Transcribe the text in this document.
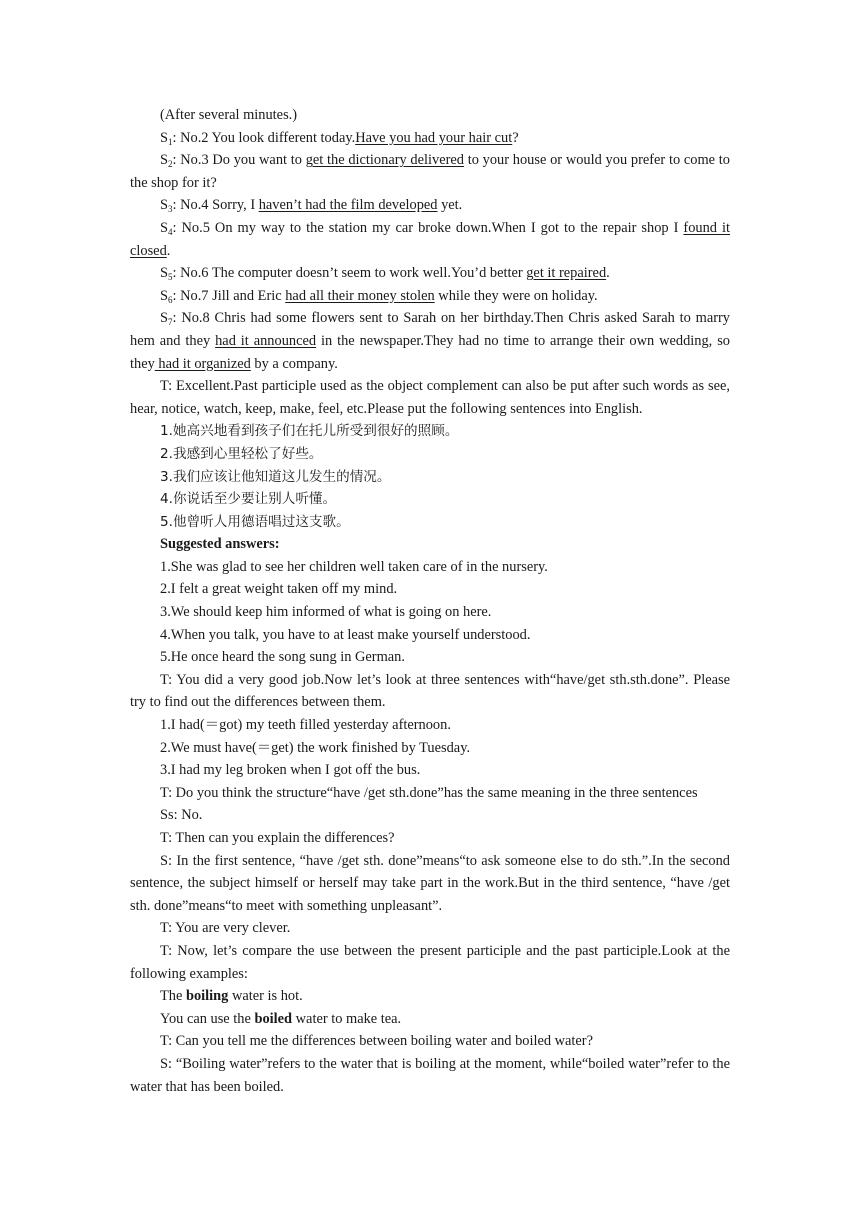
(After several minutes.)

$S_1$: No.2 You look different today.Have you had your hair cut?

$S_2$: No.3 Do you want to get the dictionary delivered to your house or would you prefer to come to the shop for it?

$S_3$: No.4 Sorry, I haven’t had the film developed yet.

$S_4$: No.5 On my way to the station my car broke down.When I got to the repair shop I found it closed.

$S_5$: No.6 The computer doesn’t seem to work well.You’d better get it repaired.

$S_6$: No.7 Jill and Eric had all their money stolen while they were on holiday.

$S_7$: No.8 Chris had some flowers sent to Sarah on her birthday.Then Chris asked Sarah to marry hem and they had it announced in the newspaper.They had no time to arrange their own wedding, so they had it organized by a company.

T: Excellent.Past participle used as the object complement can also be put after such words as see, hear, notice, watch, keep, make, feel, etc.Please put the following sentences into English.

1.她高兴地看到孩子们在托儿所受到很好的照顾。

2.我感到心里轻松了好些。

3.我们应该让他知道这儿发生的情况。

4.你说话至少要让别人听懂。

5.他曾听人用德语唱过这支歌。

Suggested answers:

1.She was glad to see her children well taken care of in the nursery.

2.I felt a great weight taken off my mind.

3.We should keep him informed of what is going on here.

4.When you talk, you have to at least make yourself understood.

5.He once heard the song sung in German.

T: You did a very good job.Now let’s look at three sentences with“have/get sth.sth.done”. Please try to find out the differences between them.

1.I had(＝got) my teeth filled yesterday afternoon.

2.We must have(＝get) the work finished by Tuesday.

3.I had my leg broken when I got off the bus.

T: Do you think the structure“have /get sth.done”has the same meaning in the three sentences

Ss: No.

T: Then can you explain the differences?

S: In the first sentence, “have /get sth. done”means“to ask someone else to do sth.”.In the second sentence, the subject himself or herself may take part in the work.But in the third sentence, “have /get sth. done”means“to meet with something unpleasant”.

T: You are very clever.

T: Now, let’s compare the use between the present participle and the past participle.Look at the following examples:

The boiling water is hot.

You can use the boiled water to make tea.

T: Can you tell me the differences between boiling water and boiled water?

S: “Boiling water”refers to the water that is boiling at the moment, while“boiled water”refer to the water that has been boiled.
